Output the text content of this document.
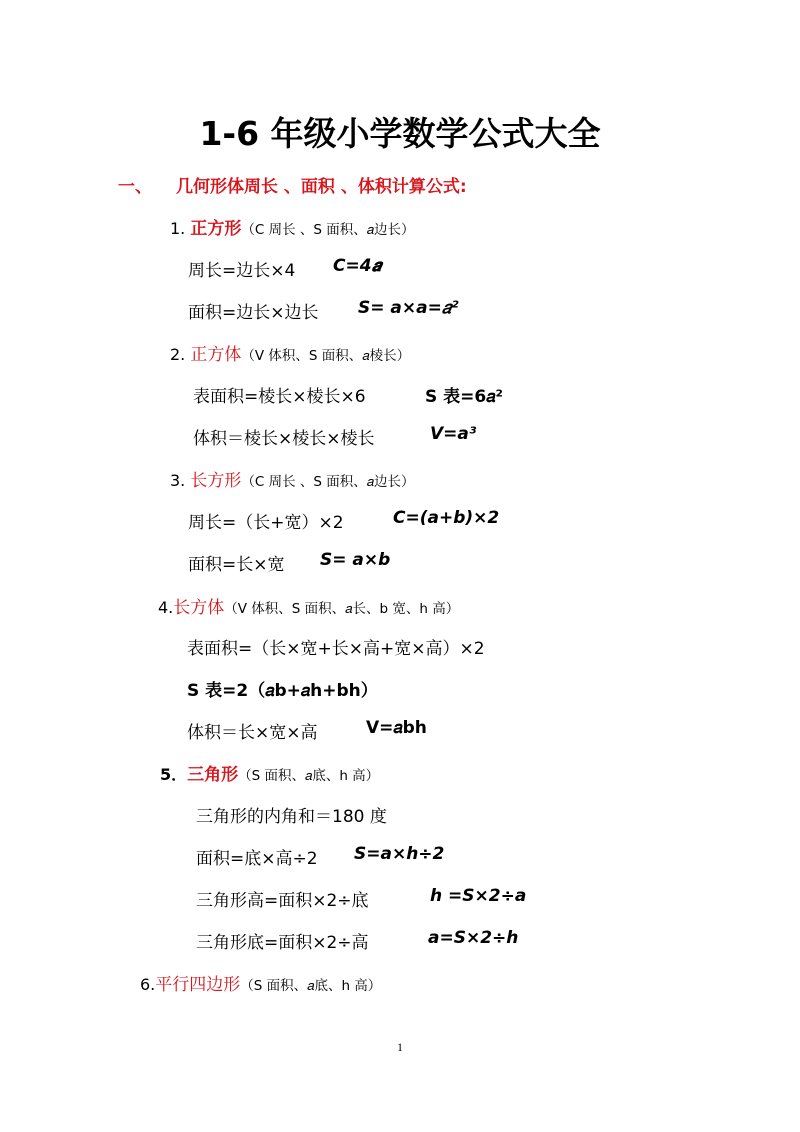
1-6 年级小学数学公式大全
一、 几何形体周长 、面积 、体积计算公式:
1. 正方形（C 周长 、S 面积、𝑎边长）
周长=边长×4 C=4𝒂
面积=边长×边长 S= a×a=𝑎²
2. 正方体（V 体积、S 面积、𝑎棱长）
表面积=棱长×棱长×6	S 表=6𝑎²
体积＝棱长×棱长×棱长	V=a³
3. 长方形（C 周长 、S 面积、𝑎边长）
周长=（长+宽）×2	C=(a+b)×2
面积=长×宽 S= a×b
4.长方体（V 体积、S 面积、𝑎长、b 宽、h 高）
表面积=（长×宽+长×高+宽×高）×2
S 表=2（𝑎b+𝑎h+bh）
体积＝长×宽×高	V=𝑎bh
5．三角形（S 面积、𝑎底、h 高）
三角形的内角和＝180 度
面积=底×高÷2 S=a×h÷2
三角形高=面积×2÷底	h =S×2÷a
三角形底=面积×2÷高	a=S×2÷h
6.平行四边形（S 面积、𝑎底、h 高）
1
